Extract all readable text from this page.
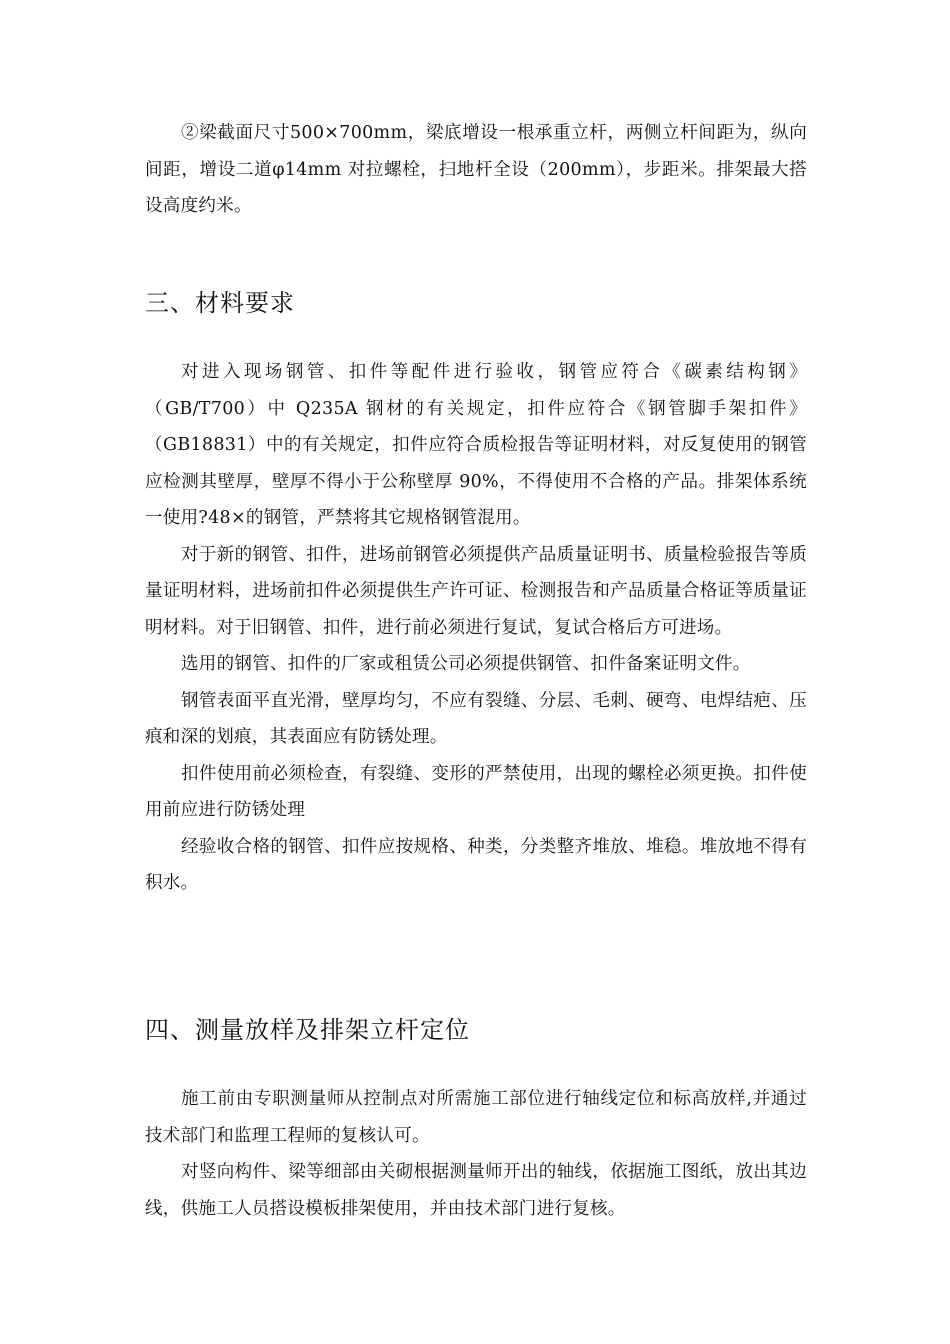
②梁截面尺寸500×700mm，梁底增设一根承重立杆，两侧立杆间距为，纵向间距，增设二道φ14mm 对拉螺栓，扫地杆全设（200mm），步距米。排架最大搭设高度约米。

三、材料要求

对进入现场钢管、扣件等配件进行验收，钢管应符合《碳素结构钢》（GB/T700）中 Q235A 钢材的有关规定，扣件应符合《钢管脚手架扣件》（GB18831）中的有关规定，扣件应符合质检报告等证明材料，对反复使用的钢管应检测其壁厚，壁厚不得小于公称壁厚 90%，不得使用不合格的产品。排架体系统一使用?48×的钢管，严禁将其它规格钢管混用。

对于新的钢管、扣件，进场前钢管必须提供产品质量证明书、质量检验报告等质量证明材料，进场前扣件必须提供生产许可证、检测报告和产品质量合格证等质量证明材料。对于旧钢管、扣件，进行前必须进行复试，复试合格后方可进场。

选用的钢管、扣件的厂家或租赁公司必须提供钢管、扣件备案证明文件。

钢管表面平直光滑，壁厚均匀，不应有裂缝、分层、毛刺、硬弯、电焊结疤、压痕和深的划痕，其表面应有防锈处理。

扣件使用前必须检查，有裂缝、变形的严禁使用，出现的螺栓必须更换。扣件使用前应进行防锈处理

经验收合格的钢管、扣件应按规格、种类，分类整齐堆放、堆稳。堆放地不得有积水。

四、测量放样及排架立杆定位

施工前由专职测量师从控制点对所需施工部位进行轴线定位和标高放样,并通过技术部门和监理工程师的复核认可。

对竖向构件、梁等细部由关砌根据测量师开出的轴线，依据施工图纸，放出其边线，供施工人员搭设模板排架使用，并由技术部门进行复核。
